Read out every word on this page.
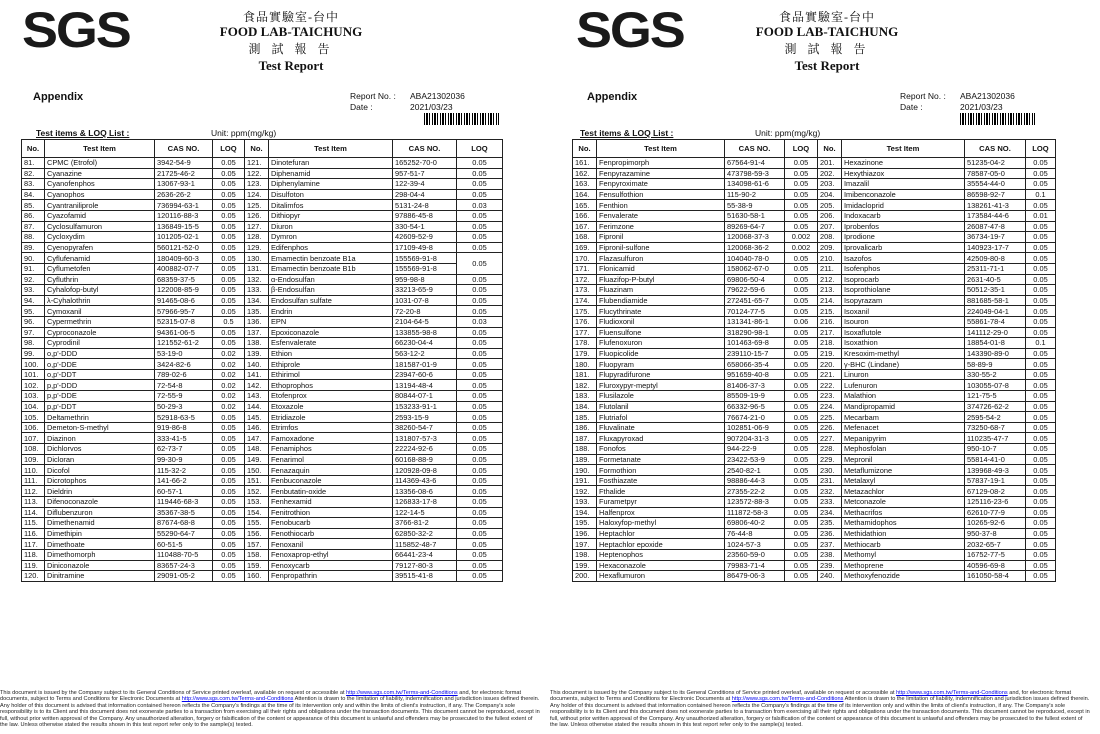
SGS	食品實驗室-台中
FOOD LAB-TAICHUNG
測 試 報 告
Test Report
Appendix	Report No. : ABA21302036
Date :	2021/03/23
Test items & LOQ List :	Unit: ppm(mg/kg)
No.	Test Item	CAS NO.	LOQ	No.	Test Item	CAS NO.	LOQ
81.	CPMC (Etrofol)	3942-54-9	0.05	121.	Dinotefuran	165252-70-0	0.05
82.	Cyanazine	21725-46-2	0.05	122.	Diphenamid	957-51-7	0.05
83.	Cyanofenphos	13067-93-1	0.05	123.	Diphenylamine	122-39-4	0.05
84.	Cyanophos	2636-26-2	0.05	124.	Disulfoton	298-04-4	0.05
85.	Cyantraniliprole	736994-63-1	0.05	125.	Ditalimfos	5131-24-8	0.03
86.	Cyazofamid	120116-88-3	0.05	126.	Dithiopyr	97886-45-8	0.05
87.	Cyclosulfamuron	136849-15-5	0.05	127.	Diuron	330-54-1	0.05
88.	Cycloxydim	101205-02-1	0.05	128.	Dymron	42609-52-9	0.05
89.	Cyenopyrafen	560121-52-0	0.05	129.	Edifenphos	17109-49-8	0.05
90.	Cyflufenamid	180409-60-3	0.05	130.	Emamectin benzoate B1a	155569-91-8	0.05
91.	Cyflumetofen	400882-07-7	0.05	131.	Emamectin benzoate B1b	155569-91-8	
92.	Cyfluthrin	68359-37-5	0.05	132.	α-Endosulfan	959-98-8	0.05
93.	Cyhalofop-butyl	122008-85-9	0.05	133.	β-Endosulfan	33213-65-9	0.05
94.	λ-Cyhalothrin	91465-08-6	0.05	134.	Endosulfan sulfate	1031-07-8	0.05
95.	Cymoxanil	57966-95-7	0.05	135.	Endrin	72-20-8	0.05
96.	Cypermethrin	52315-07-8	0.5	136.	EPN	2104-64-5	0.03
97.	Cyproconazole	94361-06-5	0.05	137.	Epoxiconazole	133855-98-8	0.05
98.	Cyprodinil	121552-61-2	0.05	138.	Esfenvalerate	66230-04-4	0.05
99.	o,p'-DDD	53-19-0	0.02	139.	Ethion	563-12-2	0.05
100.	o,p'-DDE	3424-82-6	0.02	140.	Ethiprole	181587-01-9	0.05
101.	o,p'-DDT	789-02-6	0.02	141.	Ethirimol	23947-60-6	0.05
102.	p,p'-DDD	72-54-8	0.02	142.	Ethoprophos	13194-48-4	0.05
103.	p,p'-DDE	72-55-9	0.02	143.	Etofenprox	80844-07-1	0.05
104.	p,p'-DDT	50-29-3	0.02	144.	Etoxazole	153233-91-1	0.05
105.	Deltamethrin	52918-63-5	0.05	145.	Etridiazole	2593-15-9	0.05
106.	Demeton-S-methyl	919-86-8	0.05	146.	Etrimfos	38260-54-7	0.05
107.	Diazinon	333-41-5	0.05	147.	Famoxadone	131807-57-3	0.05
108.	Dichlorvos	62-73-7	0.05	148.	Fenamiphos	22224-92-6	0.05
109.	Dicloran	99-30-9	0.05	149.	Fenarimol	60168-88-9	0.05
110.	Dicofol	115-32-2	0.05	150.	Fenazaquin	120928-09-8	0.05
111.	Dicrotophos	141-66-2	0.05	151.	Fenbuconazole	114369-43-6	0.05
112.	Dieldrin	60-57-1	0.05	152.	Fenbutatin-oxide	13356-08-6	0.05
113.	Difenoconazole	119446-68-3	0.05	153.	Fenhexamid	126833-17-8	0.05
114.	Diflubenzuron	35367-38-5	0.05	154.	Fenitrothion	122-14-5	0.05
115.	Dimethenamid	87674-68-8	0.05	155.	Fenobucarb	3766-81-2	0.05
116.	Dimethipin	55290-64-7	0.05	156.	Fenothiocarb	62850-32-2	0.05
117.	Dimethoate	60-51-5	0.05	157.	Fenoxanil	115852-48-7	0.05
118.	Dimethomorph	110488-70-5	0.05	158.	Fenoxaprop-ethyl	66441-23-4	0.05
119.	Diniconazole	83657-24-3	0.05	159.	Fenoxycarb	79127-80-3	0.05
120.	Dinitramine	29091-05-2	0.05	160.	Fenpropathrin	39515-41-8	0.05
This document is issued by the Company subject to its General Conditions of Service printed overleaf, available on request or accessible at http://www.sgs.com.tw/Terms-and-Conditions and, for electronic format documents, subject to Terms and Conditions for Electronic Documents at http://www.sgs.com.tw/Terms-and-Conditions Attention is drawn to the limitation of liability, indemnification and jurisdiction issues defined therein. Any holder of this document is advised that information contained hereon reflects the Company's findings at the time of its intervention only and within the limits of client's instruction, if any. The Company's sole responsibility is to its Client and this document does not exonerate parties to a transaction from exercising all their rights and obligations under the transaction documents. This document cannot be reproduced, except in full, without prior written approval of the Company. Any unauthorized alteration, forgery or falsification of the content or appearance of this document is unlawful and offenders may be prosecuted to the fullest extent of the law. Unless otherwise stated the results shown in this test report refer only to the sample(s) tested.
SGS	食品實驗室-台中
FOOD LAB-TAICHUNG
測 試 報 告
Test Report
Appendix	Report No. : ABA21302036
Date :	2021/03/23
Test items & LOQ List :	Unit: ppm(mg/kg)
No.	Test Item	CAS NO.	LOQ	No.	Test Item	CAS NO.	LOQ
161.	Fenpropimorph	67564-91-4	0.05	201.	Hexazinone	51235-04-2	0.05
162.	Fenpyrazamine	473798-59-3	0.05	202.	Hexythiazox	78587-05-0	0.05
163.	Fenpyroximate	134098-61-6	0.05	203.	Imazalil	35554-44-0	0.05
164.	Fensulfothion	115-90-2	0.05	204.	Imibenconazole	86598-92-7	0.1
165.	Fenthion	55-38-9	0.05	205.	Imidacloprid	138261-41-3	0.05
166.	Fenvalerate	51630-58-1	0.05	206.	Indoxacarb	173584-44-6	0.01
167.	Ferimzone	89269-64-7	0.05	207.	Iprobenfos	26087-47-8	0.05
168.	Fipronil	120068-37-3	0.002	208.	Iprodione	36734-19-7	0.05
169.	Fipronil-sulfone	120068-36-2	0.002	209.	Iprovalicarb	140923-17-7	0.05
170.	Flazasulfuron	104040-78-0	0.05	210.	Isazofos	42509-80-8	0.05
171.	Flonicamid	158062-67-0	0.05	211.	Isofenphos	25311-71-1	0.05
172.	Fluazifop-P-butyl	69806-50-4	0.05	212.	Isoprocarb	2631-40-5	0.05
173.	Fluazinam	79622-59-6	0.05	213.	Isoprothiolane	50512-35-1	0.05
174.	Flubendiamide	272451-65-7	0.05	214.	Isopyrazam	881685-58-1	0.05
175.	Flucythrinate	70124-77-5	0.05	215.	Isoxanil	224049-04-1	0.05
176.	Fludioxonil	131341-86-1	0.06	216.	Isouron	55861-78-4	0.05
177.	Fluensulfone	318290-98-1	0.05	217.	Isoxaflutole	141112-29-0	0.05
178.	Flufenoxuron	101463-69-8	0.05	218.	Isoxathion	18854-01-8	0.1
179.	Fluopicolide	239110-15-7	0.05	219.	Kresoxim-methyl	143390-89-0	0.05
180.	Fluopyram	658066-35-4	0.05	220.	γ-BHC (Lindane)	58-89-9	0.05
181.	Flupyradifurone	951659-40-8	0.05	221.	Linuron	330-55-2	0.05
182.	Fluroxypyr-meptyl	81406-37-3	0.05	222.	Lufenuron	103055-07-8	0.05
183.	Flusilazole	85509-19-9	0.05	223.	Malathion	121-75-5	0.05
184.	Flutolanil	66332-96-5	0.05	224.	Mandipropamid	374726-62-2	0.05
185.	Flutriafol	76674-21-0	0.05	225.	Mecarbam	2595-54-2	0.05
186.	Fluvalinate	102851-06-9	0.05	226.	Mefenacet	73250-68-7	0.05
187.	Fluxapyroxad	907204-31-3	0.05	227.	Mepanipyrim	110235-47-7	0.05
188.	Fonofos	944-22-9	0.05	228.	Mephosfolan	950-10-7	0.05
189.	Formetanate	23422-53-9	0.05	229.	Mepronil	55814-41-0	0.05
190.	Formothion	2540-82-1	0.05	230.	Metaflumizone	139968-49-3	0.05
191.	Fosthiazate	98886-44-3	0.05	231.	Metalaxyl	57837-19-1	0.05
192.	Fthalide	27355-22-2	0.05	232.	Metazachlor	67129-08-2	0.05
193.	Furametpyr	123572-88-3	0.05	233.	Metconazole	125116-23-6	0.05
194.	Halfenprox	111872-58-3	0.05	234.	Methacrifos	62610-77-9	0.05
195.	Haloxyfop-methyl	69806-40-2	0.05	235.	Methamidophos	10265-92-6	0.05
196.	Heptachlor	76-44-8	0.05	236.	Methidathion	950-37-8	0.05
197.	Heptachlor epoxide	1024-57-3	0.05	237.	Methiocarb	2032-65-7	0.05
198.	Heptenophos	23560-59-0	0.05	238.	Methomyl	16752-77-5	0.05
199.	Hexaconazole	79983-71-4	0.05	239.	Methoprene	40596-69-8	0.05
200.	Hexaflumuron	86479-06-3	0.05	240.	Methoxyfenozide	161050-58-4	0.05
This document is issued by the Company subject to its General Conditions of Service printed overleaf, available on request or accessible at http://www.sgs.com.tw/Terms-and-Conditions and, for electronic format documents, subject to Terms and Conditions for Electronic Documents at http://www.sgs.com.tw/Terms-and-Conditions Attention is drawn to the limitation of liability, indemnification and jurisdiction issues defined therein. Any holder of this document is advised that information contained hereon reflects the Company's findings at the time of its intervention only and within the limits of client's instruction, if any. The Company's sole responsibility is to its Client and this document does not exonerate parties to a transaction from exercising all their rights and obligations under the transaction documents. This document cannot be reproduced, except in full, without prior written approval of the Company. Any unauthorized alteration, forgery or falsification of the content or appearance of this document is unlawful and offenders may be prosecuted to the fullest extent of the law. Unless otherwise stated the results shown in this test report refer only to the sample(s) tested.
